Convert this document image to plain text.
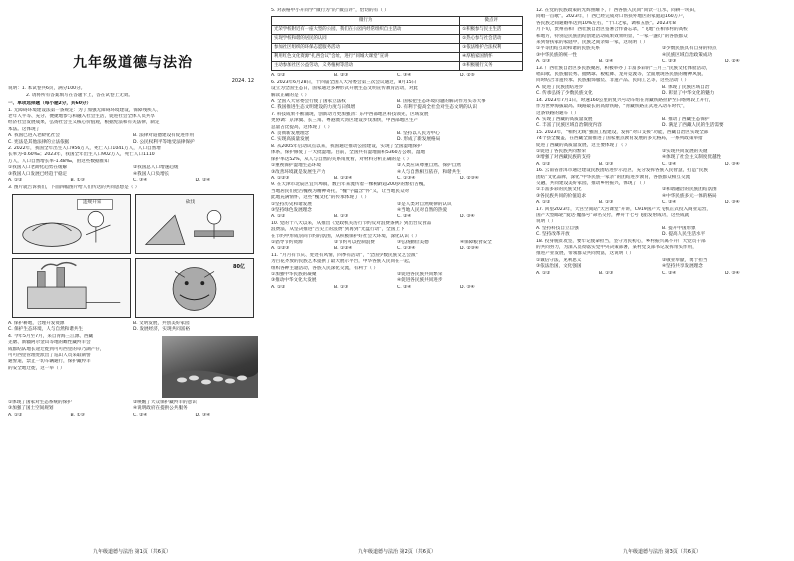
九年级道德与法治

2024. 12

说明：1. 本试卷共6页，满分100分。

2. 请将所有答案填写在答题卡上，答在试卷上无效。

一、单项选择题（每小题2分，共60分）

1. 无障碍环境建设法第一条规定：为了加强无障碍环境建设，保障残疾人、

老年人平等、充分、便捷地参与和融入社会生活，促进社会全体人员共享

经济社会发展成果，弘扬社会主义核心价值观，根据宪法和有关法律，制定

本法。这体现了

A. 我国已进入老龄化社会	B. 法律对道德建设有促进作用
C. 宪法是其他法律的立法依据	D. 公民权利平等地受法律保护

2. 2022年，我国全年出生人口956万人，死亡人口1041万人，人口自然增

长率为-0.60‰；2023年，我国全年出生人口902万人，死亡人口1110

万人，人口自然增长率-1.48‰，由这些数据推知

①我国人口老龄化趋势在缓解	②我国总人口增速趋缓
③我国人口发展已经趋于稳定	④我国人口负增长
A. ①②	B. ①③	C. ③④	D. ②④

3. 图片就告诉我们，下面四幅图片给人们传达的共同思想是（ ）

违规开采	砍伐
80亿
A. 保护耕地，合理开发资源	B. 文明发展，共创美好家园
C. 保护生态环境，人与自然和谐共生	D. 发展经济，实现共同富裕

4. 今年5月至7月，来自青海三江源、西藏

羌塘、新疆阿尔金山等地的雌性藏羚羊会

成群结队地长途迁徙到可可西里的卓乃湖产仔，

可可西里管理处派出了巡山人员采取制警

通警道，禁止一切车辆通行，保护藏羚羊

的安全地迁徙，这一举（ ）

①体现了国家对生态系统的保护	②唤醒了大众保护藏羚羊的意识
③加强了国土空间规划	④说明政府在提供公共服务
A. ①②	B. ①③	C. ②④	D. ③④
九年级道德与法治 第1页（共6页）

5. 对表格中小升同学“微行为”的“微点评”，恰切的有（ ）

微行为	微点评
光荣学校附近有一座大型的公园，我们在公园内经常组织自主活动	①积极参与民主生活
实现学校和谐的居民的认同	②热心参与社会活动
参加社区组织的环保志愿服务活动	③依法维护合法权利
利用红色文化资源“扎西会议”会址，进行“同城大课堂”宣讲	④厚植家国情怀
主动参加社区公益劳动，义务植树等活动	⑤积极履行义务
A. ①②	B. ②③	C. ③④	D. ②⑤

6. 2023年6月28日，十四届全国人大常委会第三次会议通过，8月15日

设立为全国生态日，国家通过多种形式开展生态文明宣传教育活动，对此

解读正确的是（ ）

A. 全国人大常委会行使了国家立法权	B. 国家把生态环境问题的解决作为头等大事
C. 我国推进生态文明建设的力度与日俱增	D. 有利于提高全社会对生态文明的认识

7. 科技成果不断涌现，创新动力更加强劲：东中西部地区科技领先，区域发展

更协调：京津冀、长三角、粤港澳大湾区建设步伐加快，中西部地区生产

总量占比提高，这体现了（ ）

A. 贯彻新发展理念	B. 坚持以人民为中心
C. 实现高质量发展	D. 形成了新发展格局

8. 从2005年启动试点以来，我国通过推动公园建设，实现了全国湿地保护

体系，保护修复了一大批湿地。目前，全国共有湿地面积5360万公顷，湿地

保护率达52%，从人与自然的关系角度看，对材料分析正确的是（ ）

①重视保护湿地生态环境	②人类应该尊重自然、保护自然
③改善环境就是发展生产力	④人与自然相互依存，和谐共生
A. ①②③	B. ①②④	C. ①③④	D. ②③④

9. 在天津市北辰区宜兴埠镇，数百年来流传着一棵树龄超200岁的繁衍古槐，

当地居民们把古槐视为精神寄托，“槐”字蕴含“怀”义，让当地民众对

此地充满情怀，这些“槐文化”的传承体现了（ ）

①坚持历史和谐发展	②是人类对自然规律的认识
③坚持绿色发展理念	④当地人民对自然的热爱
A. ①②	B. ①③	C. ②④	D. ③④

10. 党的十八大以来，从推出《党政机关厉行节约反对浪费条例》到出台反食品

浪费法，从坚决推进“舌尖上的浪费”到再到“光盘行动”，全国上下

在节约中形成崇尚节约的氛围，从积极保护好社会大环境，深化认识（ ）

①倡导节约资源	②节约可以控制浪费	③弘扬勤俭美德	④保障粮食安全
A. ①②③	B. ①②④	C. ①③④	D. ②③④

11. “月月有节庆、处处有风情，四季有活动”，“全国少数民族文艺会演”

为百花齐放的民族艺术提供了最大展示平台，中华各族人民同在一起，

组织各种主题活动，各族人民深化交流，有利于（ ）

①加强中华民族的凝聚	②促进各民族共同繁荣
③推动中华文化大发展	④促进各民族共同进步
A. ①②	B. ①③	C. ②④	D. ③④
九年级道德与法治 第2页（共6页）

12. 在党的民族政策的光辉照耀下，广西各族人民同“同饮一江水，同耕一块田，

同唱一首歌”。2023年，广西已经完成对口帮扶外地区的家庭超160万户，

各民族之间通婚率达到10%左右，“十口之家，调和五族”。2023年8

月下旬，贵州省和广西壮族自治区签署合作备忘录，“飞地”在相邻村的高校

和地方，特别是民族团结创建活动成果效果明显，“一家一盏灯”的各族群众

来到帮扶家的家庭中，民族之间亲如一家，这说明（ ）

①平等团结互助和谐的民族关系	②少数民族具有自身的特点
③中华民族的统一性	④民族区域自治政策成功
A. ①③	B. ①④	C. ②③	D. ②④

13. 广西壮族自治区多民族聚居，积极举办了丰富多彩的“三月三”民族文化体验活动，

唱山歌、民族服装秀、抛绣球、板鞋舞、龙舟竞渡等，全面展现各民族的精神风貌，

同时结合非遗传承、民族服饰服装、非遗产品、民间工艺等，这些活动（ ）

A. 促进了民族团结进步	B. 体现了民族区域自治
C. 传承弘扬了少数民族文化	D. 彰显了中华文化的魅力

14. 2023年7月1日，时速160公里的复兴号动车组在青藏铁路拉萨至日喀则段上开行，

作为世界海拔最高、线路最长的高原铁路，“青藏铁路正式进入动车时代”，

这条铁路的通车（ ）

A. 实现了西藏的高质量发展	B. 推动了西藏生态保护
C. 丰富了民族区域自治制度内容	D. 满足了西藏人民的生活需要

15. 2023年，“相约无线”强国工程建设，发挥“对口支援”功能，西藏自治区实现全部

74个县全覆盖，在西藏全面推进了国家重点教育发展的多元格局，一系列政策举措

促进了西藏的高质量发展，这主要体现了（ ）

①促进了各民族共同繁荣	②实现共同发展的关键
③增强了对西藏民族的支持	④体现了社会主义制度优越性
A. ①②	B. ①③	C. ②④	D. ③④

16. 云南省普洱市通过建设民族团结进步示范区，充分发挥各族人民智慧，打造“民族

团结”文化品牌，深化“中华民族一家亲”的团结进步教育，各族群众相互交流

交融，共同建设美好家园，推动乡村振兴，体现了（ ）

①丰富多彩的民族文化	②和谐融洽的民族团结氛围
③各民族共同的价值追求	④中华民族多元一体的格局
A. ①②	B. ①③	C. ②④	D. ③④

17. 回望2023年，天宫空间站“天宫课堂”开讲，C919国产大飞机正式投入商业运营，

国产大型邮轮“爱达·魔都号”命名交付，神舟十七号飞船发射成功，这些成就

说明（ ）

A. 坚持科技自立自强	B. 提升中国形象
C. 坚持改革开放	D. 提高人民生活水平

18. 投身脱贫攻坚，要牢记使命担当，坚守为民初心，乡村振兴离不开广大党员干部

的共同努力，为深入贯彻落实党中央决策部署，某村党支部书记发挥带头作用，

推进产业发展，带领群众共同致富，这说明（ ）

①诚信守法，见利思义	②敬业奉献，勇于担当
③依法治国，文化强国	④坚持共享发展理念
A. ①②	B. ①③	C. ②④	D. ③④
九年级道德与法治 第3页（共6页）
